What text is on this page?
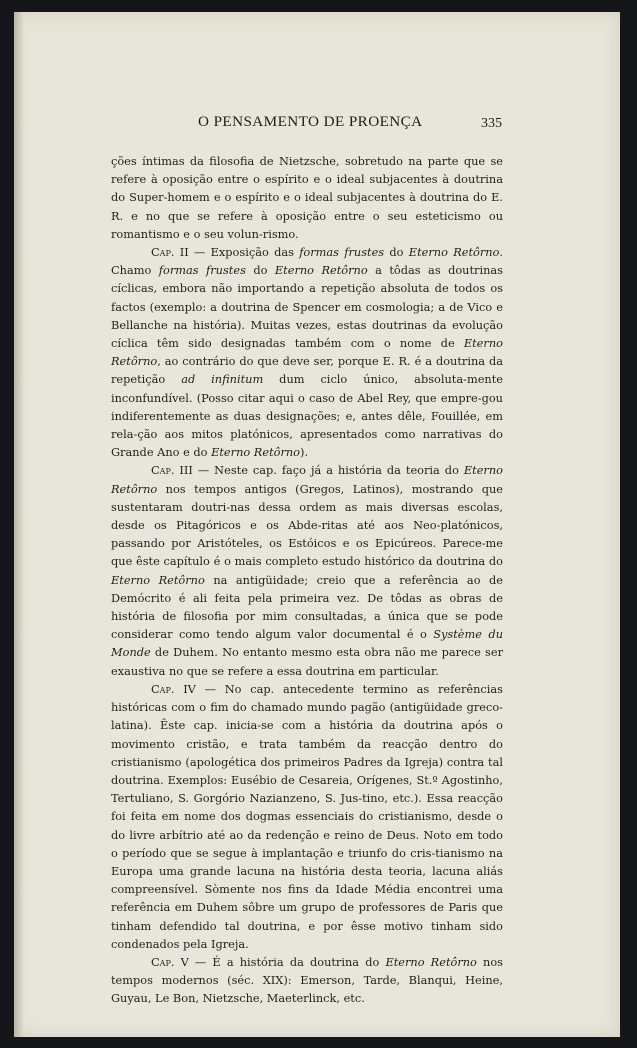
O PENSAMENTO DE PROENÇA	335

ções íntimas da filosofia de Nietzsche, sobretudo na parte que se refere à oposição entre o espírito e o ideal subjacentes à doutrina do Super-homem e o espírito e o ideal subjacentes à doutrina do E. R. e no que se refere à oposição entre o seu esteticismo ou romantismo e o seu volun-rismo.

Cap. II — Exposição das formas frustes do Eterno Retôrno. Chamo formas frustes do Eterno Retôrno a tôdas as doutrinas cíclicas, embora não importando a repetição absoluta de todos os factos (exemplo: a doutrina de Spencer em cosmologia; a de Vico e Bellanche na história). Muitas vezes, estas doutrinas da evolução cíclica têm sido designadas também com o nome de Eterno Retôrno, ao contrário do que deve ser, porque E. R. é a doutrina da repetição ad infinitum dum ciclo único, absoluta-mente inconfundível. (Posso citar aqui o caso de Abel Rey, que empre-gou indiferentemente as duas designações; e, antes dêle, Fouillée, em rela-ção aos mitos platónicos, apresentados como narrativas do Grande Ano e do Eterno Retôrno).

Cap. III — Neste cap. faço já a história da teoria do Eterno Retôrno nos tempos antigos (Gregos, Latinos), mostrando que sustentaram doutri-nas dessa ordem as mais diversas escolas, desde os Pitagóricos e os Abde-ritas até aos Neo-platónicos, passando por Aristóteles, os Estóicos e os Epicúreos. Parece-me que êste capítulo é o mais completo estudo histórico da doutrina do Eterno Retôrno na antigüidade; creio que a referência ao de Demócrito é ali feita pela primeira vez. De tôdas as obras de história de filosofia por mim consultadas, a única que se pode considerar como tendo algum valor documental é o Système du Monde de Duhem. No entanto mesmo esta obra não me parece ser exaustiva no que se refere a essa doutrina em particular.

Cap. IV — No cap. antecedente termino as referências históricas com o fim do chamado mundo pagão (antigüidade greco-latina). Êste cap. inicia-se com a história da doutrina após o movimento cristão, e trata também da reacção dentro do cristianismo (apologética dos primeiros Padres da Igreja) contra tal doutrina. Exemplos: Eusébio de Cesareia, Orígenes, St.º Agostinho, Tertuliano, S. Gorgório Nazianzeno, S. Jus-tino, etc.). Essa reacção foi feita em nome dos dogmas essenciais do cristianismo, desde o do livre arbítrio até ao da redenção e reino de Deus. Noto em todo o período que se segue à implantação e triunfo do cris-tianismo na Europa uma grande lacuna na história desta teoria, lacuna aliás compreensível. Sòmente nos fins da Idade Média encontrei uma referência em Duhem sôbre um grupo de professores de Paris que tinham defendido tal doutrina, e por êsse motivo tinham sido condenados pela Igreja.

Cap. V — É a história da doutrina do Eterno Retôrno nos tempos modernos (séc. XIX): Emerson, Tarde, Blanqui, Heine, Guyau, Le Bon, Nietzsche, Maeterlinck, etc.
